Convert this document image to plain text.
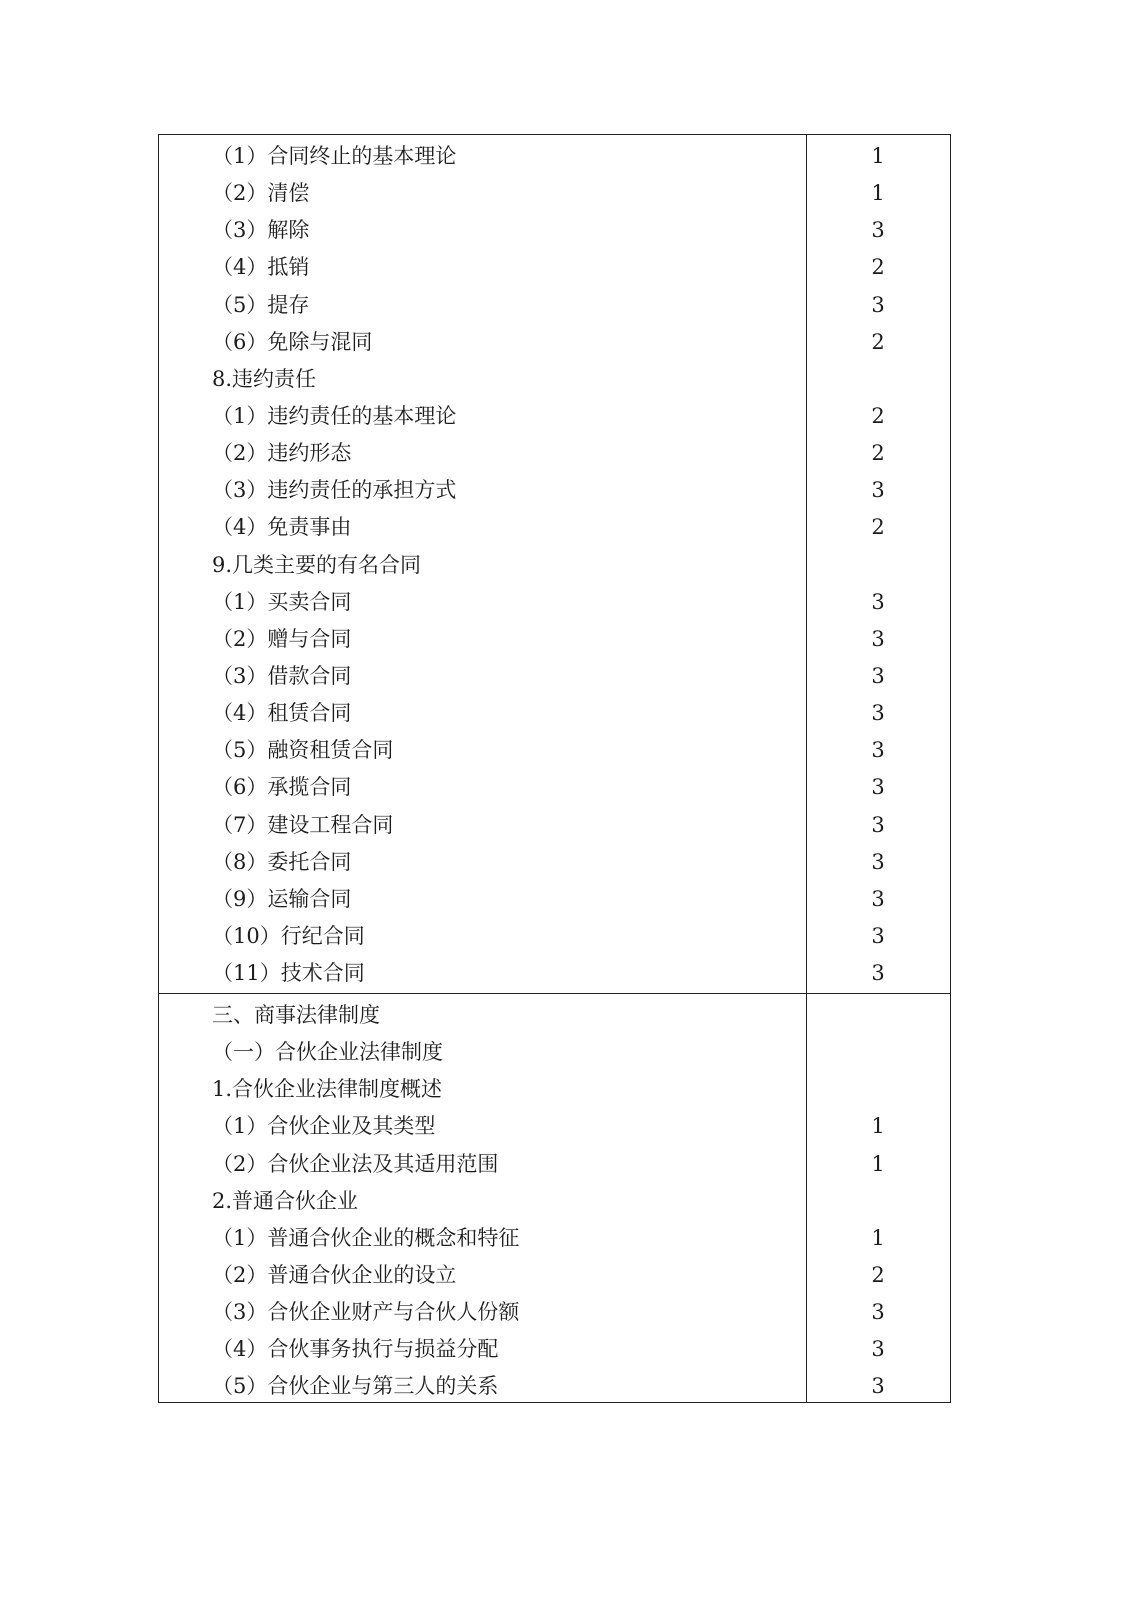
（1）合同终止的基本理论	1
（2）清偿	1
（3）解除	3
（4）抵销	2
（5）提存	3
（6）免除与混同	2
8.违约责任
（1）违约责任的基本理论	2
（2）违约形态	2
（3）违约责任的承担方式	3
（4）免责事由	2
9.几类主要的有名合同
（1）买卖合同	3
（2）赠与合同	3
（3）借款合同	3
（4）租赁合同	3
（5）融资租赁合同	3
（6）承揽合同	3
（7）建设工程合同	3
（8）委托合同	3
（9）运输合同	3
（10）行纪合同	3
（11）技术合同	3
三、商事法律制度
（一）合伙企业法律制度
1.合伙企业法律制度概述
（1）合伙企业及其类型	1
（2）合伙企业法及其适用范围	1
2.普通合伙企业
（1）普通合伙企业的概念和特征	1
（2）普通合伙企业的设立	2
（3）合伙企业财产与合伙人份额	3
（4）合伙事务执行与损益分配	3
（5）合伙企业与第三人的关系	3
